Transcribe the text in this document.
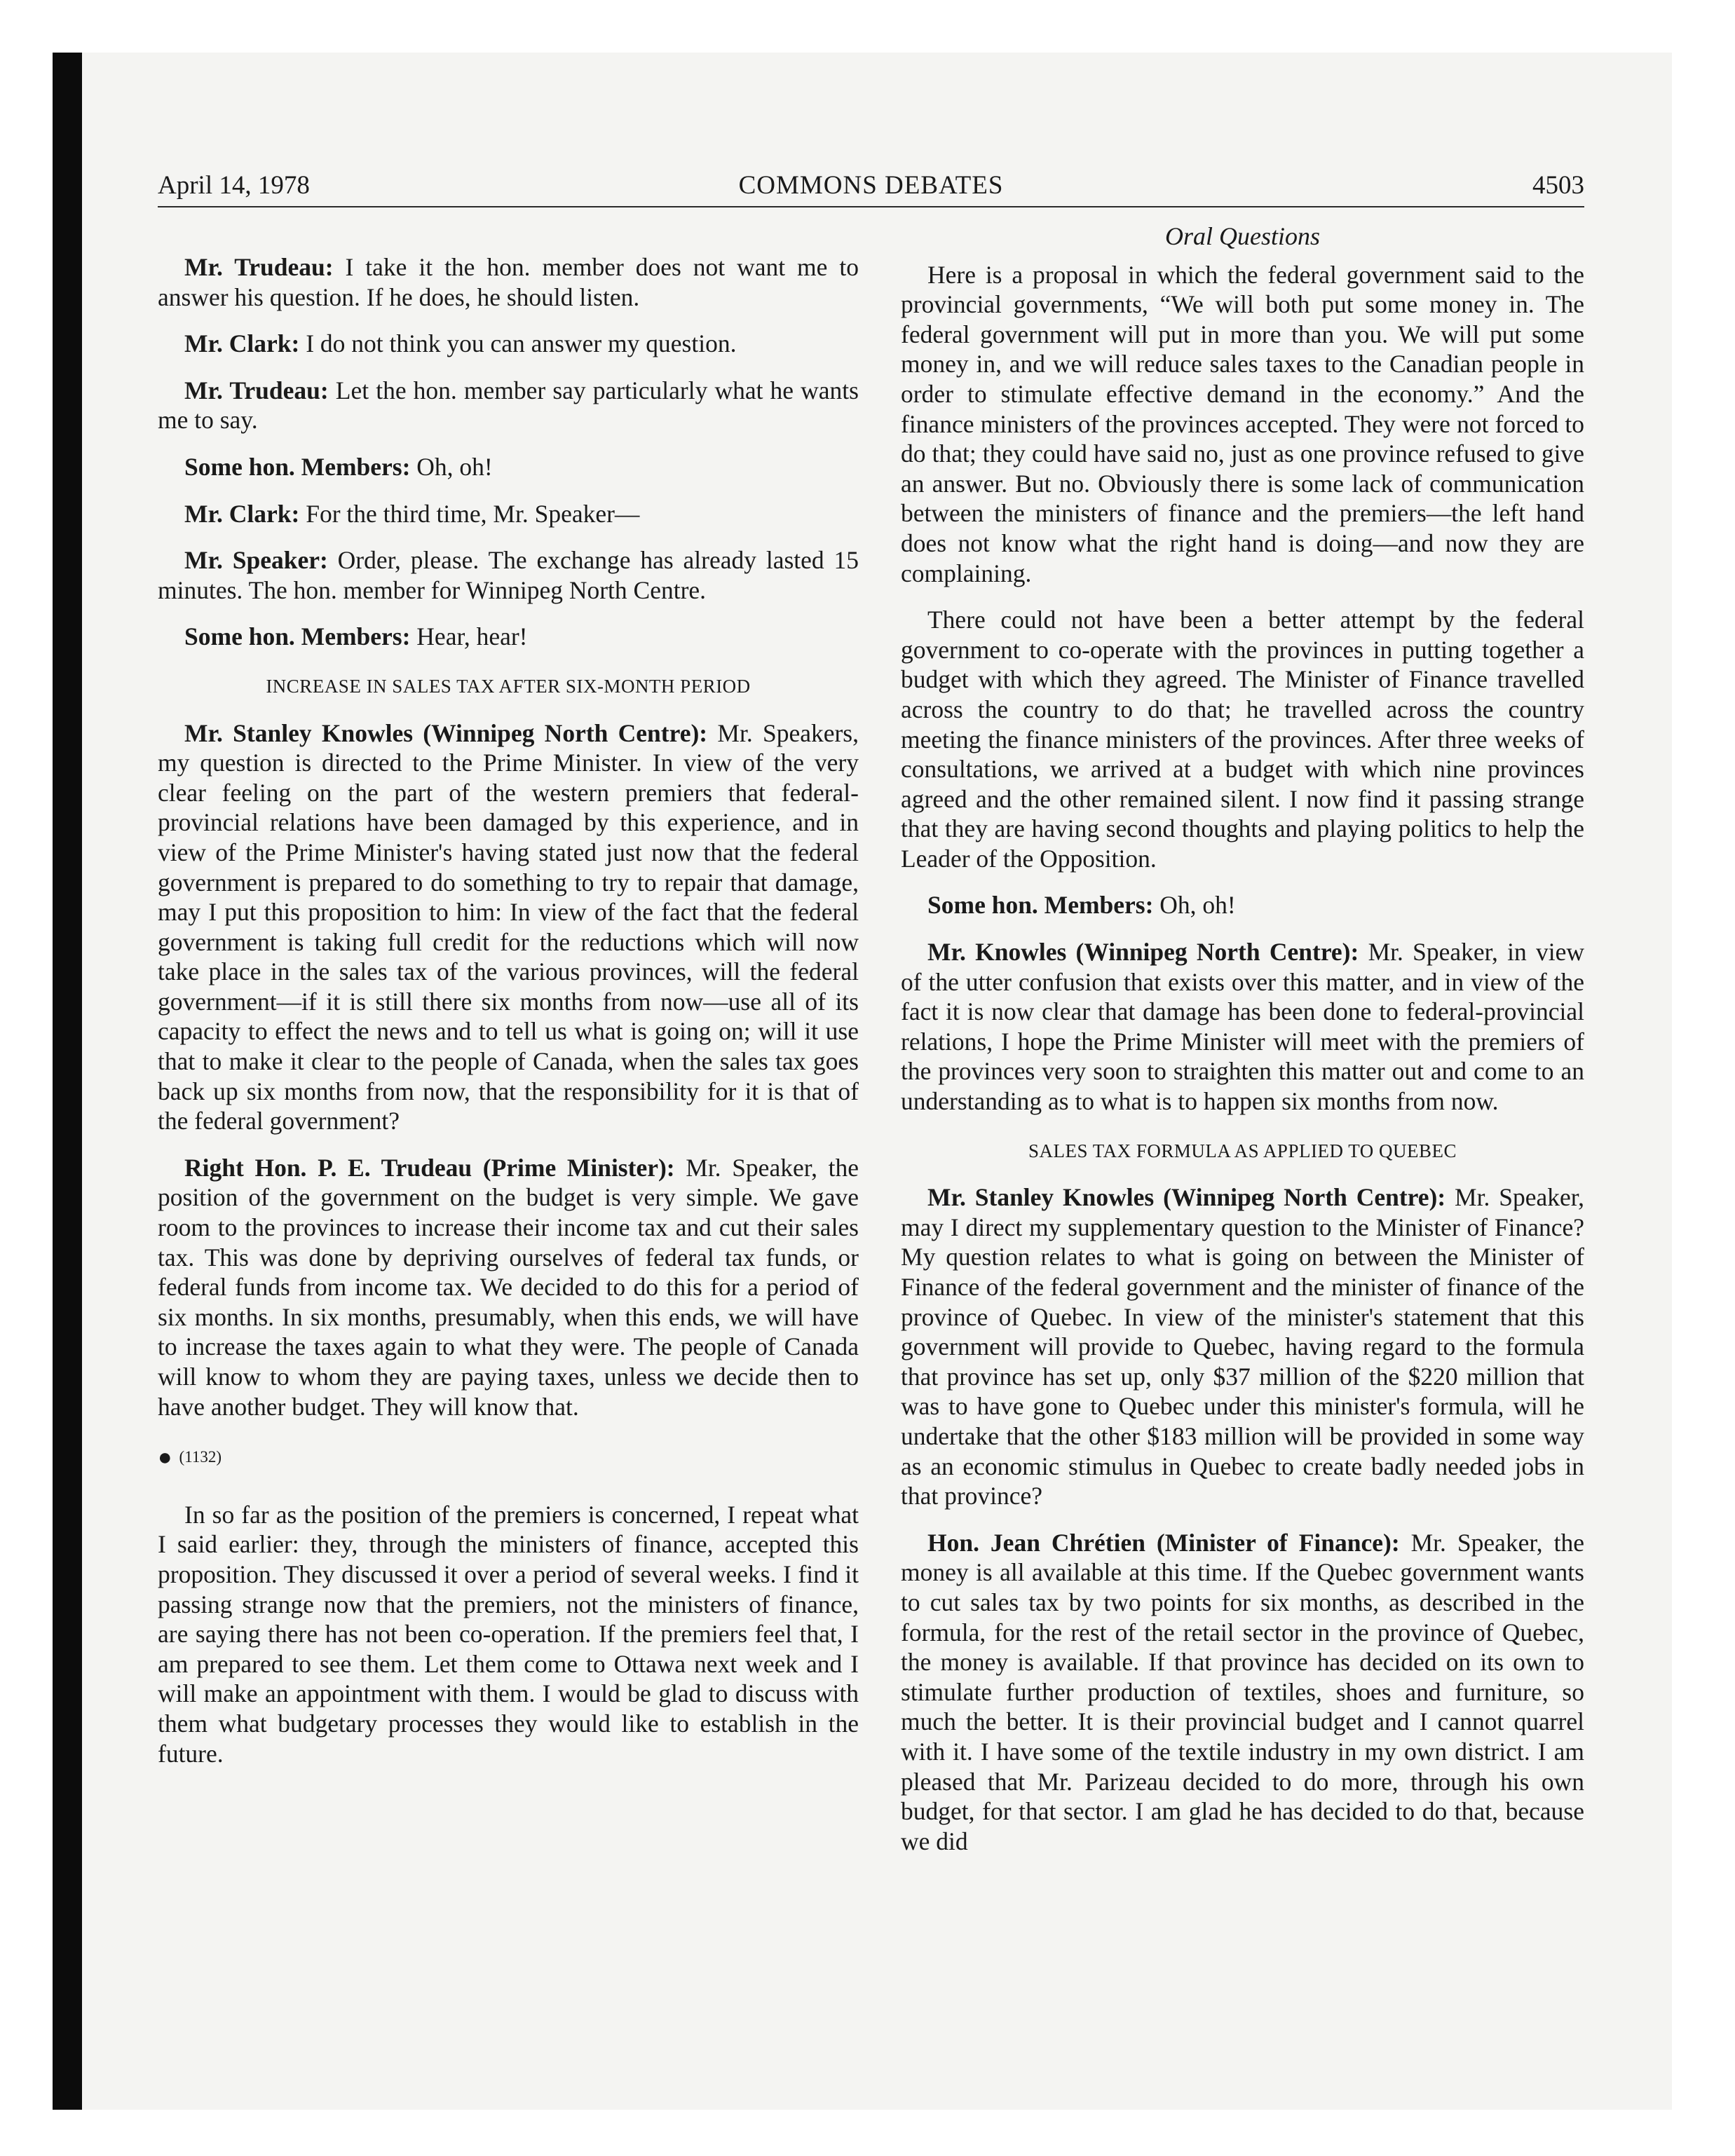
April 14, 1978	COMMONS DEBATES	4503

Mr. Trudeau: I take it the hon. member does not want me to answer his question. If he does, he should listen.

Mr. Clark: I do not think you can answer my question.

Mr. Trudeau: Let the hon. member say particularly what he wants me to say.

Some hon. Members: Oh, oh!

Mr. Clark: For the third time, Mr. Speaker—

Mr. Speaker: Order, please. The exchange has already lasted 15 minutes. The hon. member for Winnipeg North Centre.

Some hon. Members: Hear, hear!

INCREASE IN SALES TAX AFTER SIX-MONTH PERIOD

Mr. Stanley Knowles (Winnipeg North Centre): Mr. Speakers, my question is directed to the Prime Minister. In view of the very clear feeling on the part of the western premiers that federal-provincial relations have been damaged by this experience, and in view of the Prime Minister's having stated just now that the federal government is prepared to do something to try to repair that damage, may I put this proposition to him: In view of the fact that the federal government is taking full credit for the reductions which will now take place in the sales tax of the various provinces, will the federal government—if it is still there six months from now—use all of its capacity to effect the news and to tell us what is going on; will it use that to make it clear to the people of Canada, when the sales tax goes back up six months from now, that the responsibility for it is that of the federal government?

Right Hon. P. E. Trudeau (Prime Minister): Mr. Speaker, the position of the government on the budget is very simple. We gave room to the provinces to increase their income tax and cut their sales tax. This was done by depriving ourselves of federal tax funds, or federal funds from income tax. We decided to do this for a period of six months. In six months, presumably, when this ends, we will have to increase the taxes again to what they were. The people of Canada will know to whom they are paying taxes, unless we decide then to have another budget. They will know that.

● (1132)

In so far as the position of the premiers is concerned, I repeat what I said earlier: they, through the ministers of finance, accepted this proposition. They discussed it over a period of several weeks. I find it passing strange now that the premiers, not the ministers of finance, are saying there has not been co-operation. If the premiers feel that, I am prepared to see them. Let them come to Ottawa next week and I will make an appointment with them. I would be glad to discuss with them what budgetary processes they would like to establish in the future.

Oral Questions

Here is a proposal in which the federal government said to the provincial governments, “We will both put some money in. The federal government will put in more than you. We will put some money in, and we will reduce sales taxes to the Canadian people in order to stimulate effective demand in the economy.” And the finance ministers of the provinces accepted. They were not forced to do that; they could have said no, just as one province refused to give an answer. But no. Obviously there is some lack of communication between the ministers of finance and the premiers—the left hand does not know what the right hand is doing—and now they are complaining.

There could not have been a better attempt by the federal government to co-operate with the provinces in putting together a budget with which they agreed. The Minister of Finance travelled across the country to do that; he travelled across the country meeting the finance ministers of the provinces. After three weeks of consultations, we arrived at a budget with which nine provinces agreed and the other remained silent. I now find it passing strange that they are having second thoughts and playing politics to help the Leader of the Opposition.

Some hon. Members: Oh, oh!

Mr. Knowles (Winnipeg North Centre): Mr. Speaker, in view of the utter confusion that exists over this matter, and in view of the fact it is now clear that damage has been done to federal-provincial relations, I hope the Prime Minister will meet with the premiers of the provinces very soon to straighten this matter out and come to an understanding as to what is to happen six months from now.

SALES TAX FORMULA AS APPLIED TO QUEBEC

Mr. Stanley Knowles (Winnipeg North Centre): Mr. Speaker, may I direct my supplementary question to the Minister of Finance? My question relates to what is going on between the Minister of Finance of the federal government and the minister of finance of the province of Quebec. In view of the minister's statement that this government will provide to Quebec, having regard to the formula that province has set up, only $37 million of the $220 million that was to have gone to Quebec under this minister's formula, will he undertake that the other $183 million will be provided in some way as an economic stimulus in Quebec to create badly needed jobs in that province?

Hon. Jean Chrétien (Minister of Finance): Mr. Speaker, the money is all available at this time. If the Quebec government wants to cut sales tax by two points for six months, as described in the formula, for the rest of the retail sector in the province of Quebec, the money is available. If that province has decided on its own to stimulate further production of textiles, shoes and furniture, so much the better. It is their provincial budget and I cannot quarrel with it. I have some of the textile industry in my own district. I am pleased that Mr. Parizeau decided to do more, through his own budget, for that sector. I am glad he has decided to do that, because we did
